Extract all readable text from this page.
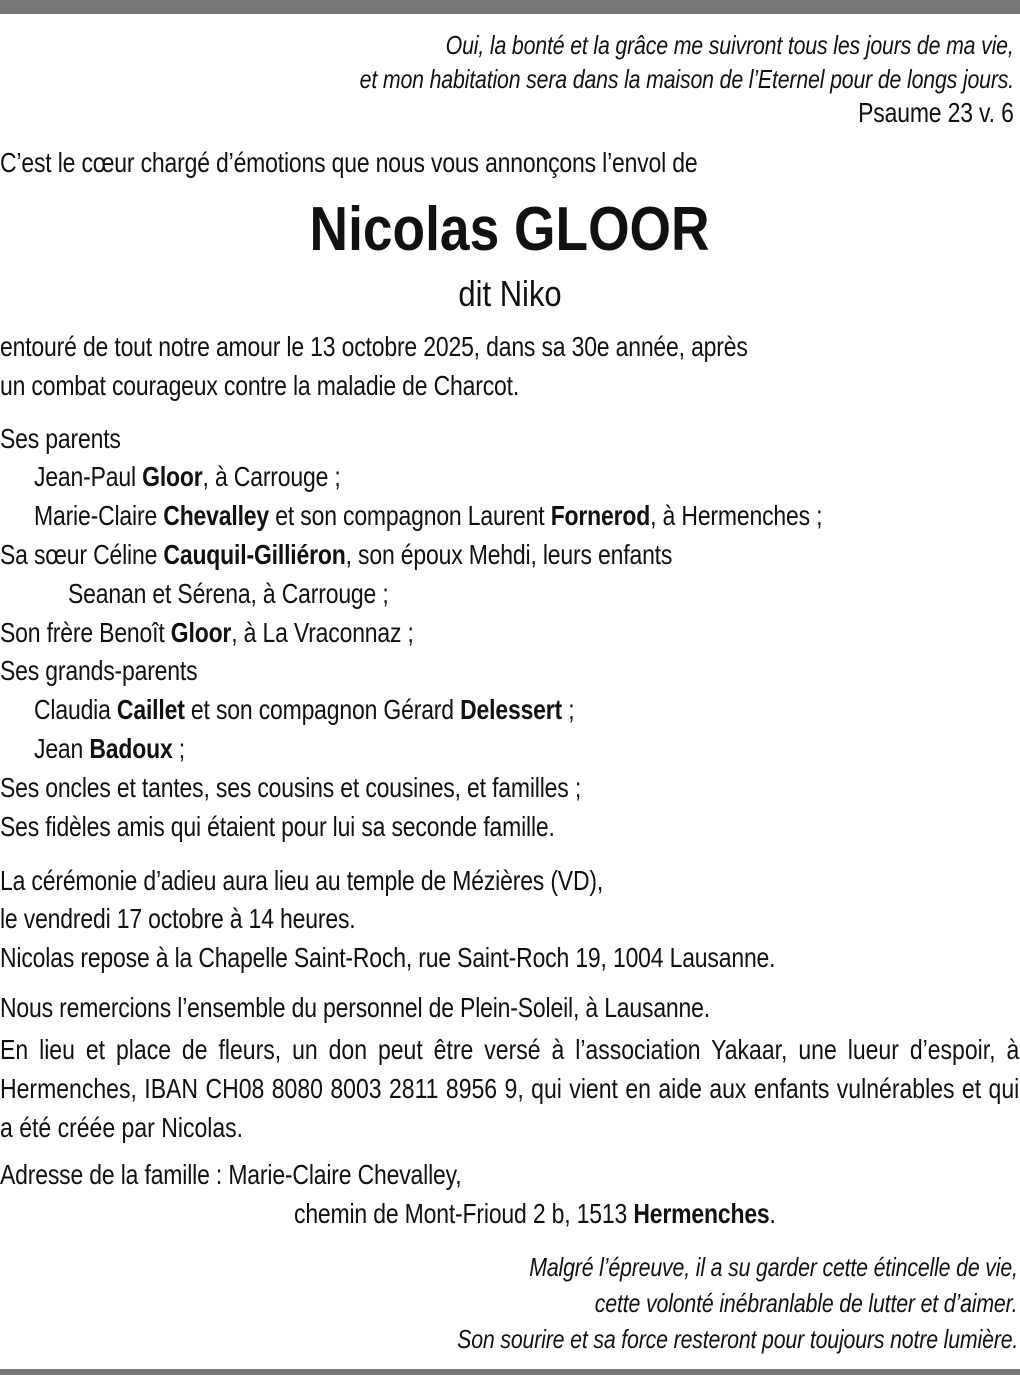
Oui, la bonté et la grâce me suivront tous les jours de ma vie,
et mon habitation sera dans la maison de l’Eternel pour de longs jours.
Psaume 23 v. 6
C’est le cœur chargé d’émotions que nous vous annonçons l’envol de
Nicolas GLOOR
dit Niko
entouré de tout notre amour le 13 octobre 2025, dans sa 30e année, après
un combat courageux contre la maladie de Charcot.
Ses parents
Jean-Paul Gloor, à Carrouge ;
Marie-Claire Chevalley et son compagnon Laurent Fornerod, à Hermenches ;
Sa sœur Céline Cauquil-Gilliéron, son époux Mehdi, leurs enfants
Seanan et Sérena, à Carrouge ;
Son frère Benoît Gloor, à La Vraconnaz ;
Ses grands-parents
Claudia Caillet et son compagnon Gérard Delessert ;
Jean Badoux ;
Ses oncles et tantes, ses cousins et cousines, et familles ;
Ses fidèles amis qui étaient pour lui sa seconde famille.
La cérémonie d’adieu aura lieu au temple de Mézières (VD),
le vendredi 17 octobre à 14 heures.
Nicolas repose à la Chapelle Saint-Roch, rue Saint-Roch 19, 1004 Lausanne.
Nous remercions l’ensemble du personnel de Plein-Soleil, à Lausanne.
En lieu et place de fleurs, un don peut être versé à l’association Yakaar, une lueur d’espoir, à Hermenches, IBAN CH08 8080 8003 2811 8956 9, qui vient en aide aux enfants vulnérables et qui a été créée par Nicolas.
Adresse de la famille : Marie-Claire Chevalley,
chemin de Mont-Frioud 2 b, 1513 Hermenches.
Malgré l’épreuve, il a su garder cette étincelle de vie,
cette volonté inébranlable de lutter et d’aimer.
Son sourire et sa force resteront pour toujours notre lumière.
